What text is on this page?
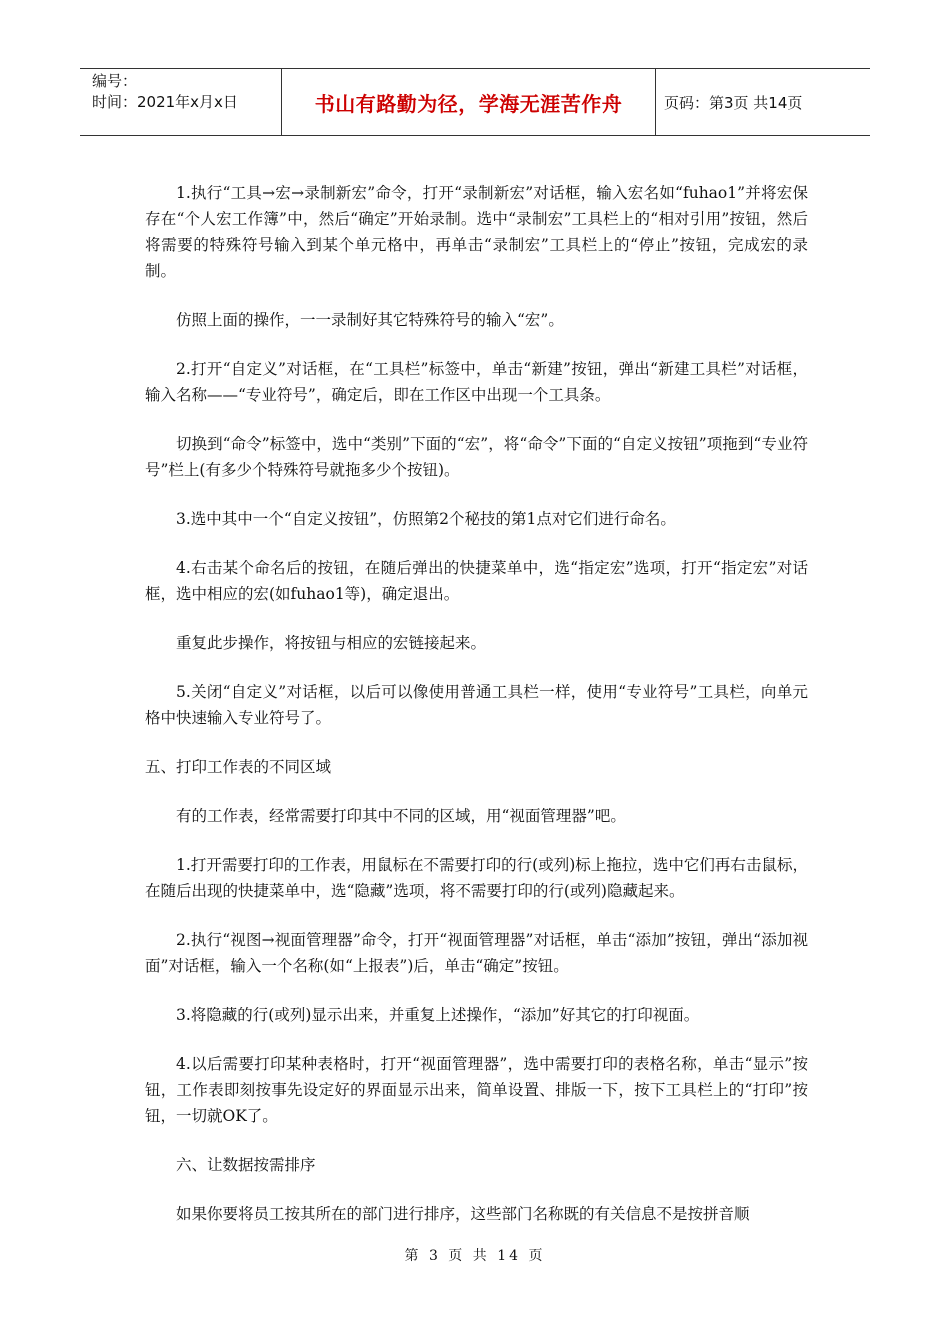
编号：
时间：2021年x月x日	书山有路勤为径，学海无涯苦作舟	页码：第3页 共14页

1.执行“工具→宏→录制新宏”命令，打开“录制新宏”对话框，输入宏名如“fuhao1”并将宏保存在“个人宏工作簿”中，然后“确定”开始录制。选中“录制宏”工具栏上的“相对引用”按钮，然后将需要的特殊符号输入到某个单元格中，再单击“录制宏”工具栏上的“停止”按钮，完成宏的录制。

仿照上面的操作，一一录制好其它特殊符号的输入“宏”。

2.打开“自定义”对话框，在“工具栏”标签中，单击“新建”按钮，弹出“新建工具栏”对话框，输入名称——“专业符号”，确定后，即在工作区中出现一个工具条。

切换到“命令”标签中，选中“类别”下面的“宏”，将“命令”下面的“自定义按钮”项拖到“专业符号”栏上(有多少个特殊符号就拖多少个按钮)。

3.选中其中一个“自定义按钮”，仿照第2个秘技的第1点对它们进行命名。

4.右击某个命名后的按钮，在随后弹出的快捷菜单中，选“指定宏”选项，打开“指定宏”对话框，选中相应的宏(如fuhao1等)，确定退出。

重复此步操作，将按钮与相应的宏链接起来。

5.关闭“自定义”对话框，以后可以像使用普通工具栏一样，使用“专业符号”工具栏，向单元格中快速输入专业符号了。

五、打印工作表的不同区域

有的工作表，经常需要打印其中不同的区域，用“视面管理器”吧。

1.打开需要打印的工作表，用鼠标在不需要打印的行(或列)标上拖拉，选中它们再右击鼠标，在随后出现的快捷菜单中，选“隐藏”选项，将不需要打印的行(或列)隐藏起来。

2.执行“视图→视面管理器”命令，打开“视面管理器”对话框，单击“添加”按钮，弹出“添加视面”对话框，输入一个名称(如“上报表”)后，单击“确定”按钮。

3.将隐藏的行(或列)显示出来，并重复上述操作，“添加”好其它的打印视面。

4.以后需要打印某种表格时，打开“视面管理器”，选中需要打印的表格名称，单击“显示”按钮，工作表即刻按事先设定好的界面显示出来，简单设置、排版一下，按下工具栏上的“打印”按钮，一切就OK了。

六、让数据按需排序

如果你要将员工按其所在的部门进行排序，这些部门名称既的有关信息不是按拼音顺

第 3 页 共 14 页
